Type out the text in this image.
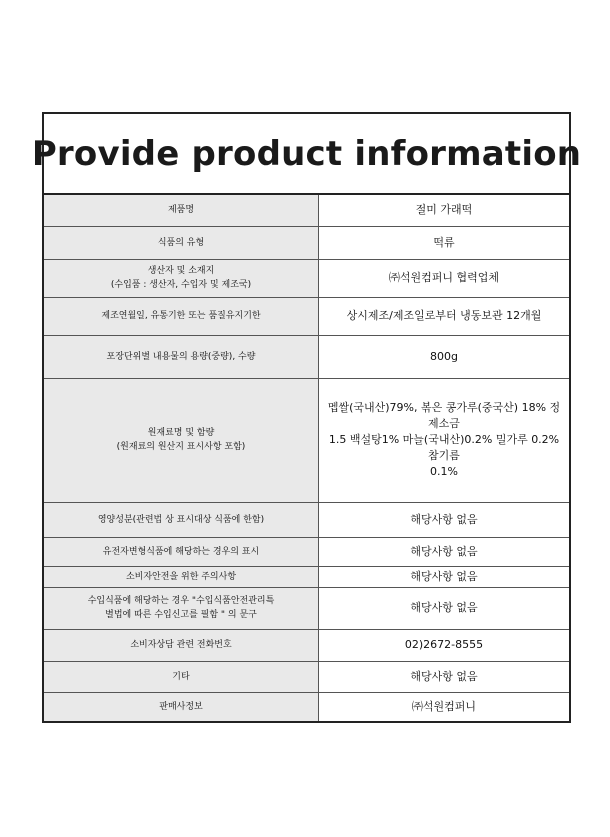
Provide product information
제품명	절미 가래떡

식품의 유형	떡류

생산자 및 소재지
(수입품 : 생산자, 수입자 및 제조국)	㈜석원컴퍼니 협력업체

제조연월일, 유통기한 또는 품질유지기한	상시제조/제조일로부터 냉동보관 12개월

포장단위별 내용물의 용량(중량), 수량	800g

원재료명 및 함량
(원재료의 원산지 표시사항 포함)	멥쌀(국내산)79%, 볶은 콩가루(중국산) 18% 정제소금
1.5 백설탕1% 마늘(국내산)0.2% 밀가루 0.2% 참기름
0.1%

영양성분(관련법 상 표시대상 식품에 한함)	해당사항 없음

유전자변형식품에 해당하는 경우의 표시	해당사항 없음

소비자안전을 위한 주의사항	해당사항 없음

수입식품에 해당하는 경우 "수입식품안전관리특
별법에 따른 수입신고를 필함 " 의 문구	해당사항 없음

소비자상담 관련 전화번호	02)2672-8555

기타	해당사항 없음

판매사정보	㈜석원컴퍼니
